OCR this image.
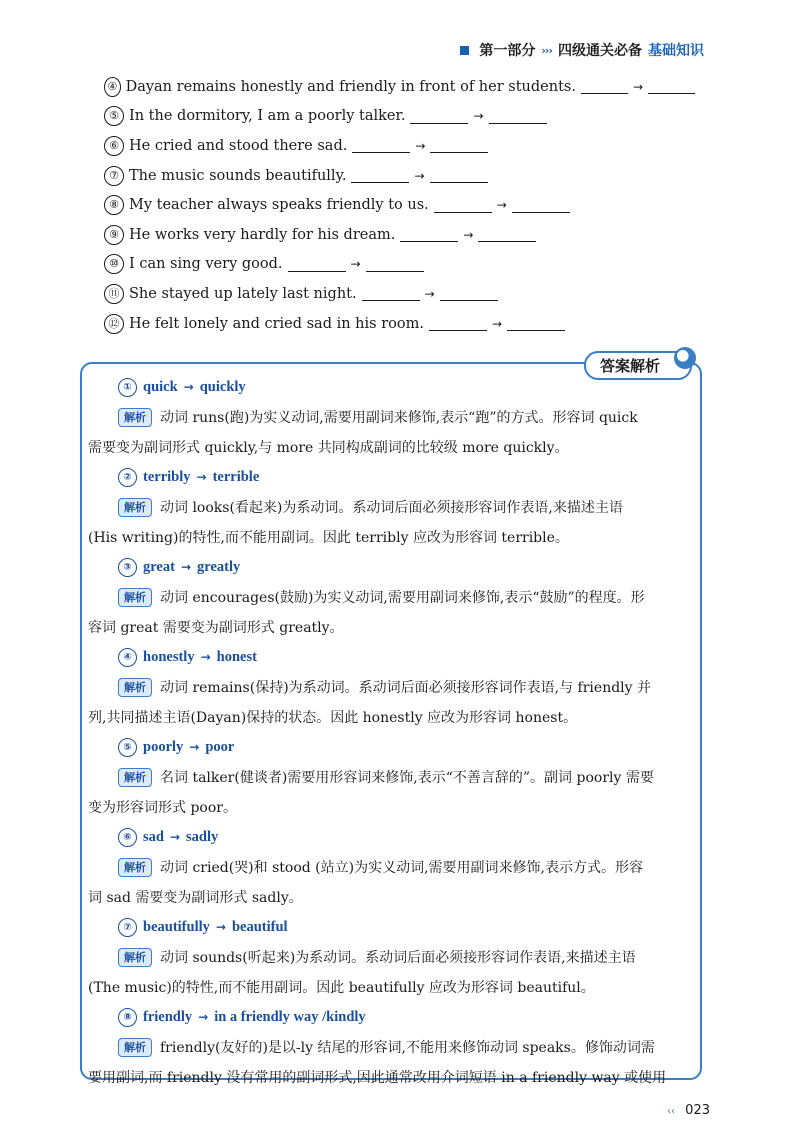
第一部分 ››› 四级通关必备 基础知识
④ Dayan remains honestly and friendly in front of her students.	→
⑤ In the dormitory, I am a poorly talker.	→
⑥ He cried and stood there sad.	→
⑦ The music sounds beautifully.	→
⑧ My teacher always speaks friendly to us.	→
⑨ He works very hardly for his dream.	→
⑩ I can sing very good.	→
⑪ She stayed up lately last night.	→
⑫ He felt lonely and cried sad in his room.	→
答案解析
① quick → quickly
解析	动词 runs(跑)为实义动词,需要用副词来修饰,表示“跑”的方式。形容词 quick
需要变为副词形式 quickly,与 more 共同构成副词的比较级 more quickly。
② terribly → terrible
解析	动词 looks(看起来)为系动词。系动词后面必须接形容词作表语,来描述主语
(His writing)的特性,而不能用副词。因此 terribly 应改为形容词 terrible。
③ great → greatly
解析	动词 encourages(鼓励)为实义动词,需要用副词来修饰,表示“鼓励”的程度。形
容词 great 需要变为副词形式 greatly。
④ honestly → honest
解析	动词 remains(保持)为系动词。系动词后面必须接形容词作表语,与 friendly 并
列,共同描述主语(Dayan)保持的状态。因此 honestly 应改为形容词 honest。
⑤ poorly → poor
解析	名词 talker(健谈者)需要用形容词来修饰,表示“不善言辞的”。副词 poorly 需要
变为形容词形式 poor。
⑥ sad → sadly
解析	动词 cried(哭)和 stood (站立)为实义动词,需要用副词来修饰,表示方式。形容
词 sad 需要变为副词形式 sadly。
⑦ beautifully → beautiful
解析	动词 sounds(听起来)为系动词。系动词后面必须接形容词作表语,来描述主语
(The music)的特性,而不能用副词。因此 beautifully 应改为形容词 beautiful。
⑧ friendly → in a friendly way /kindly
解析	friendly(友好的)是以-ly 结尾的形容词,不能用来修饰动词 speaks。修饰动词需
要用副词,而 friendly 没有常用的副词形式,因此通常改用介词短语 in a friendly way 或使用
‹‹ 023
